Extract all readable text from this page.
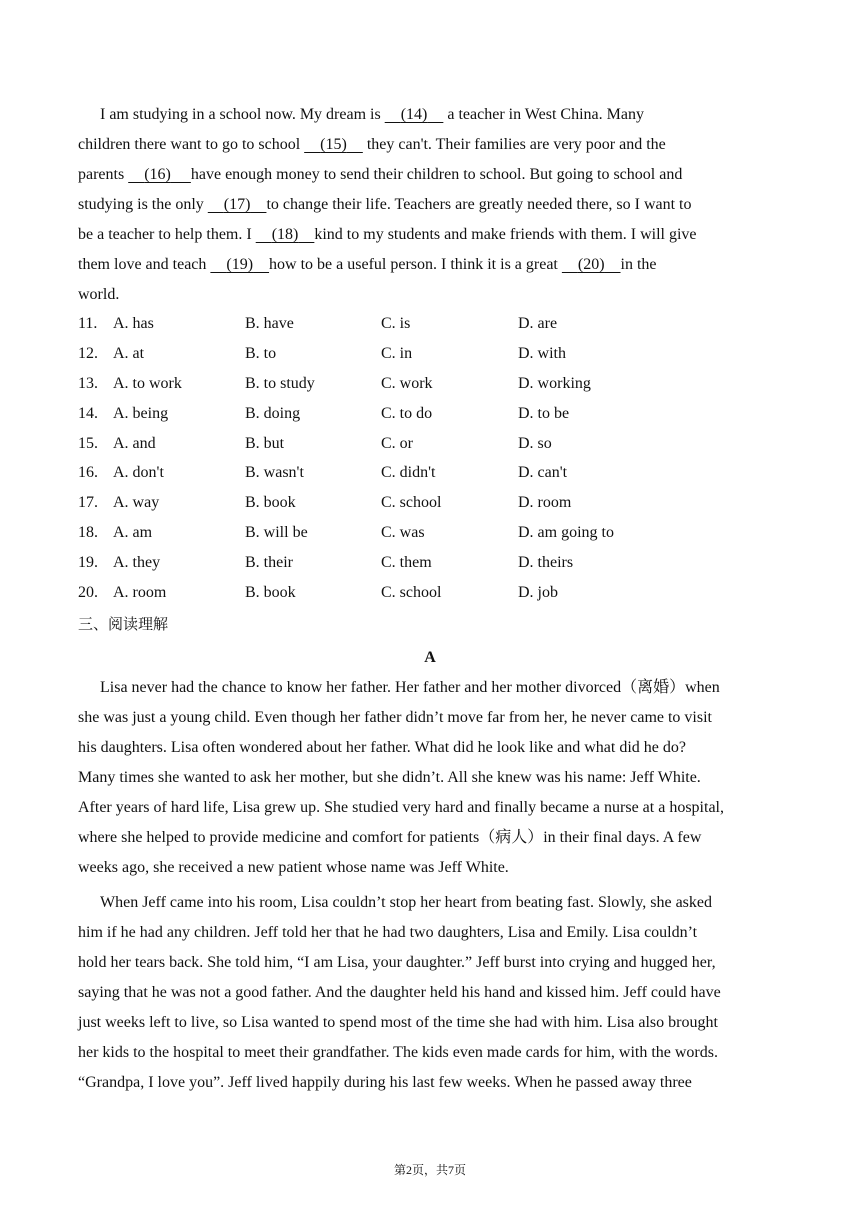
I am studying in a school now. My dream is     (14)     a teacher in West China. Many
children there want to go to school     (15)     they can't. Their families are very poor and the
parents     (16) have enough money to send their children to school. But going to school and
studying is the only     (17) to change their life. Teachers are greatly needed there, so I want to
be a teacher to help them. I     (18) kind to my students and make friends with them. I will give
them love and teach     (19) how to be a useful person. I think it is a great     (20) in the
world.
11. A. has	B. have	C. is	D. are
12. A. at	B. to	C. in	D. with
13. A. to work	B. to study	C. work	D. working
14. A. being	B. doing	C. to do	D. to be
15. A. and	B. but	C. or	D. so
16. A. don't	B. wasn't	C. didn't	D. can't
17. A. way	B. book	C. school	D. room
18. A. am	B. will be	C. was	D. am going to
19. A. they	B. their	C. them	D. theirs
20. A. room	B. book	C. school	D. job
三、阅读理解
A
Lisa never had the chance to know her father. Her father and her mother divorced（离婚）when
she was just a young child. Even though her father didn’t move far from her, he never came to visit
his daughters. Lisa often wondered about her father. What did he look like and what did he do?
Many times she wanted to ask her mother, but she didn’t. All she knew was his name: Jeff White.
After years of hard life, Lisa grew up. She studied very hard and finally became a nurse at a hospital,
where she helped to provide medicine and comfort for patients（病人）in their final days. A few
weeks ago, she received a new patient whose name was Jeff White.
When Jeff came into his room, Lisa couldn’t stop her heart from beating fast. Slowly, she asked
him if he had any children. Jeff told her that he had two daughters, Lisa and Emily. Lisa couldn’t
hold her tears back. She told him, “I am Lisa, your daughter.” Jeff burst into crying and hugged her,
saying that he was not a good father. And the daughter held his hand and kissed him. Jeff could have
just weeks left to live, so Lisa wanted to spend most of the time she had with him. Lisa also brought
her kids to the hospital to meet their grandfather. The kids even made cards for him, with the words.
“Grandpa, I love you”. Jeff lived happily during his last few weeks. When he passed away three
第2页，共7页
